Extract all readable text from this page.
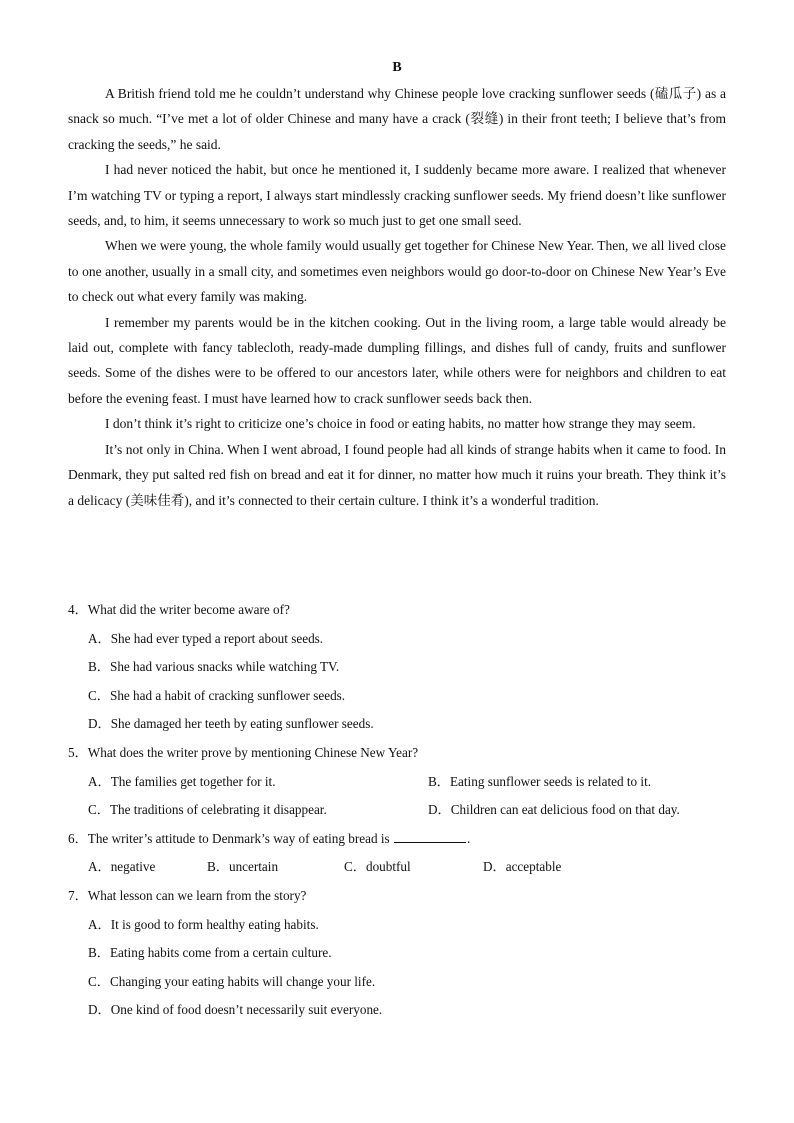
B

A British friend told me he couldn’t understand why Chinese people love cracking sunflower seeds (磕瓜子) as a snack so much. “I’ve met a lot of older Chinese and many have a crack (裂缝) in their front teeth; I believe that’s from cracking the seeds,” he said.

I had never noticed the habit, but once he mentioned it, I suddenly became more aware. I realized that whenever I’m watching TV or typing a report, I always start mindlessly cracking sunflower seeds. My friend doesn’t like sunflower seeds, and, to him, it seems unnecessary to work so much just to get one small seed.

When we were young, the whole family would usually get together for Chinese New Year. Then, we all lived close to one another, usually in a small city, and sometimes even neighbors would go door-to-door on Chinese New Year’s Eve to check out what every family was making.

I remember my parents would be in the kitchen cooking. Out in the living room, a large table would already be laid out, complete with fancy tablecloth, ready-made dumpling fillings, and dishes full of candy, fruits and sunflower seeds. Some of the dishes were to be offered to our ancestors later, while others were for neighbors and children to eat before the evening feast. I must have learned how to crack sunflower seeds back then.

I don’t think it’s right to criticize one’s choice in food or eating habits, no matter how strange they may seem.

It’s not only in China. When I went abroad, I found people had all kinds of strange habits when it came to food. In Denmark, they put salted red fish on bread and eat it for dinner, no matter how much it ruins your breath. They think it’s a delicacy (美味佳肴), and it’s connected to their certain culture. I think it’s a wonderful tradition.

4．What did the writer become aware of?
A．She had ever typed a report about seeds.
B．She had various snacks while watching TV.
C．She had a habit of cracking sunflower seeds.
D．She damaged her teeth by eating sunflower seeds.
5．What does the writer prove by mentioning Chinese New Year?
A．The families get together for it.	B．Eating sunflower seeds is related to it.
C．The traditions of celebrating it disappear.	D．Children can eat delicious food on that day.
6．The writer’s attitude to Denmark’s way of eating bread is	.
A．negative	B．uncertain	C．doubtful	D．acceptable
7．What lesson can we learn from the story?
A．It is good to form healthy eating habits.
B．Eating habits come from a certain culture.
C．Changing your eating habits will change your life.
D．One kind of food doesn’t necessarily suit everyone.
